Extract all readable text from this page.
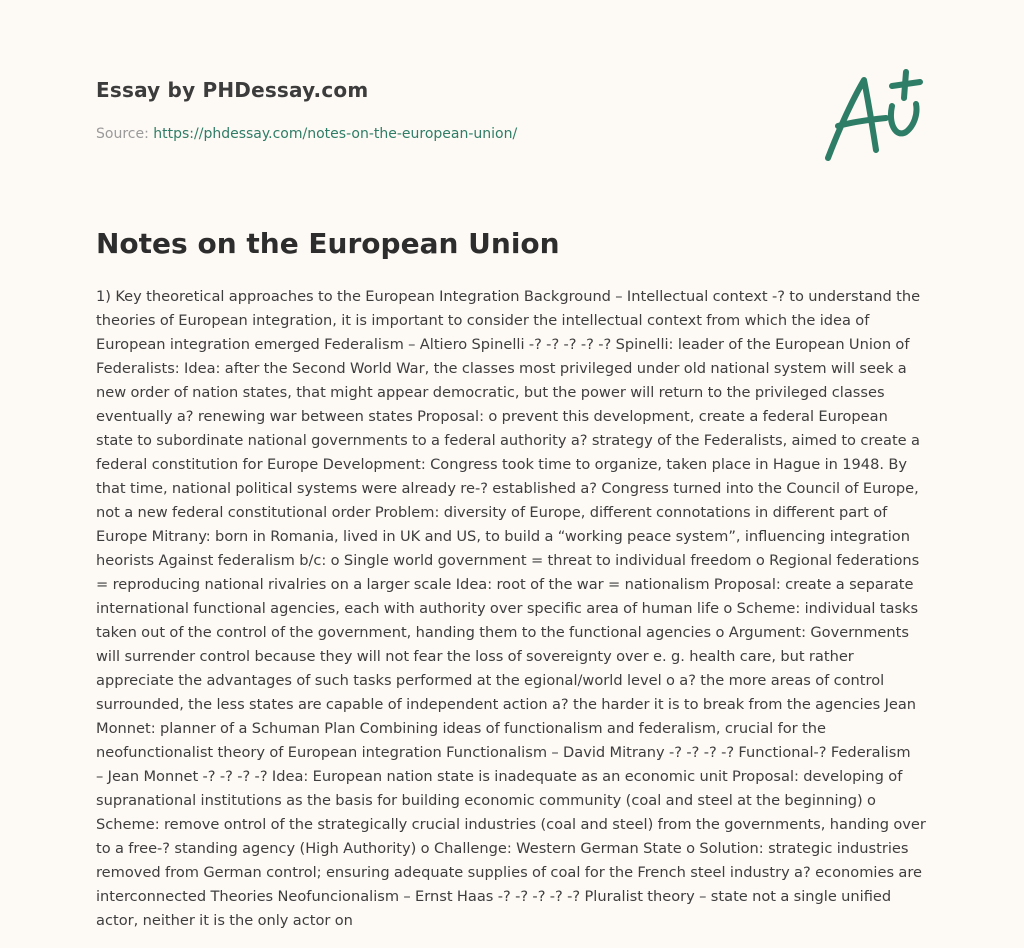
Essay by PHDessay.com
Source: https://phdessay.com/notes-on-the-european-union/
Notes on the European Union
1) Key theoretical approaches to the European Integration Background – Intellectual context -? to understand the
theories of European integration, it is important to consider the intellectual context from which the idea of
European integration emerged Federalism – Altiero Spinelli -? -? -? -? -? Spinelli: leader of the European Union of
Federalists: Idea: after the Second World War, the classes most privileged under old national system will seek a
new order of nation states, that might appear democratic, but the power will return to the privileged classes
eventually a? renewing war between states Proposal: o prevent this development, create a federal European
state to subordinate national governments to a federal authority a? strategy of the Federalists, aimed to create a
federal constitution for Europe Development: Congress took time to organize, taken place in Hague in 1948. By
that time, national political systems were already re-? established a? Congress turned into the Council of Europe,
not a new federal constitutional order Problem: diversity of Europe, different connotations in different part of
Europe Mitrany: born in Romania, lived in UK and US, to build a “working peace system”, influencing integration
heorists Against federalism b/c: o Single world government = threat to individual freedom o Regional federations
= reproducing national rivalries on a larger scale Idea: root of the war = nationalism Proposal: create a separate
international functional agencies, each with authority over specific area of human life o Scheme: individual tasks
taken out of the control of the government, handing them to the functional agencies o Argument: Governments
will surrender control because they will not fear the loss of sovereignty over e. g. health care, but rather
appreciate the advantages of such tasks performed at the egional/world level o a? the more areas of control
surrounded, the less states are capable of independent action a? the harder it is to break from the agencies Jean
Monnet: planner of a Schuman Plan Combining ideas of functionalism and federalism, crucial for the
neofunctionalist theory of European integration Functionalism – David Mitrany -? -? -? -? Functional-? Federalism
– Jean Monnet -? -? -? -? Idea: European nation state is inadequate as an economic unit Proposal: developing of
supranational institutions as the basis for building economic community (coal and steel at the beginning) o
Scheme: remove ontrol of the strategically crucial industries (coal and steel) from the governments, handing over
to a free-? standing agency (High Authority) o Challenge: Western German State o Solution: strategic industries
removed from German control; ensuring adequate supplies of coal for the French steel industry a? economies are
interconnected Theories Neofuncionalism – Ernst Haas -? -? -? -? -? Pluralist theory – state not a single unified
actor, neither it is the only actor on
